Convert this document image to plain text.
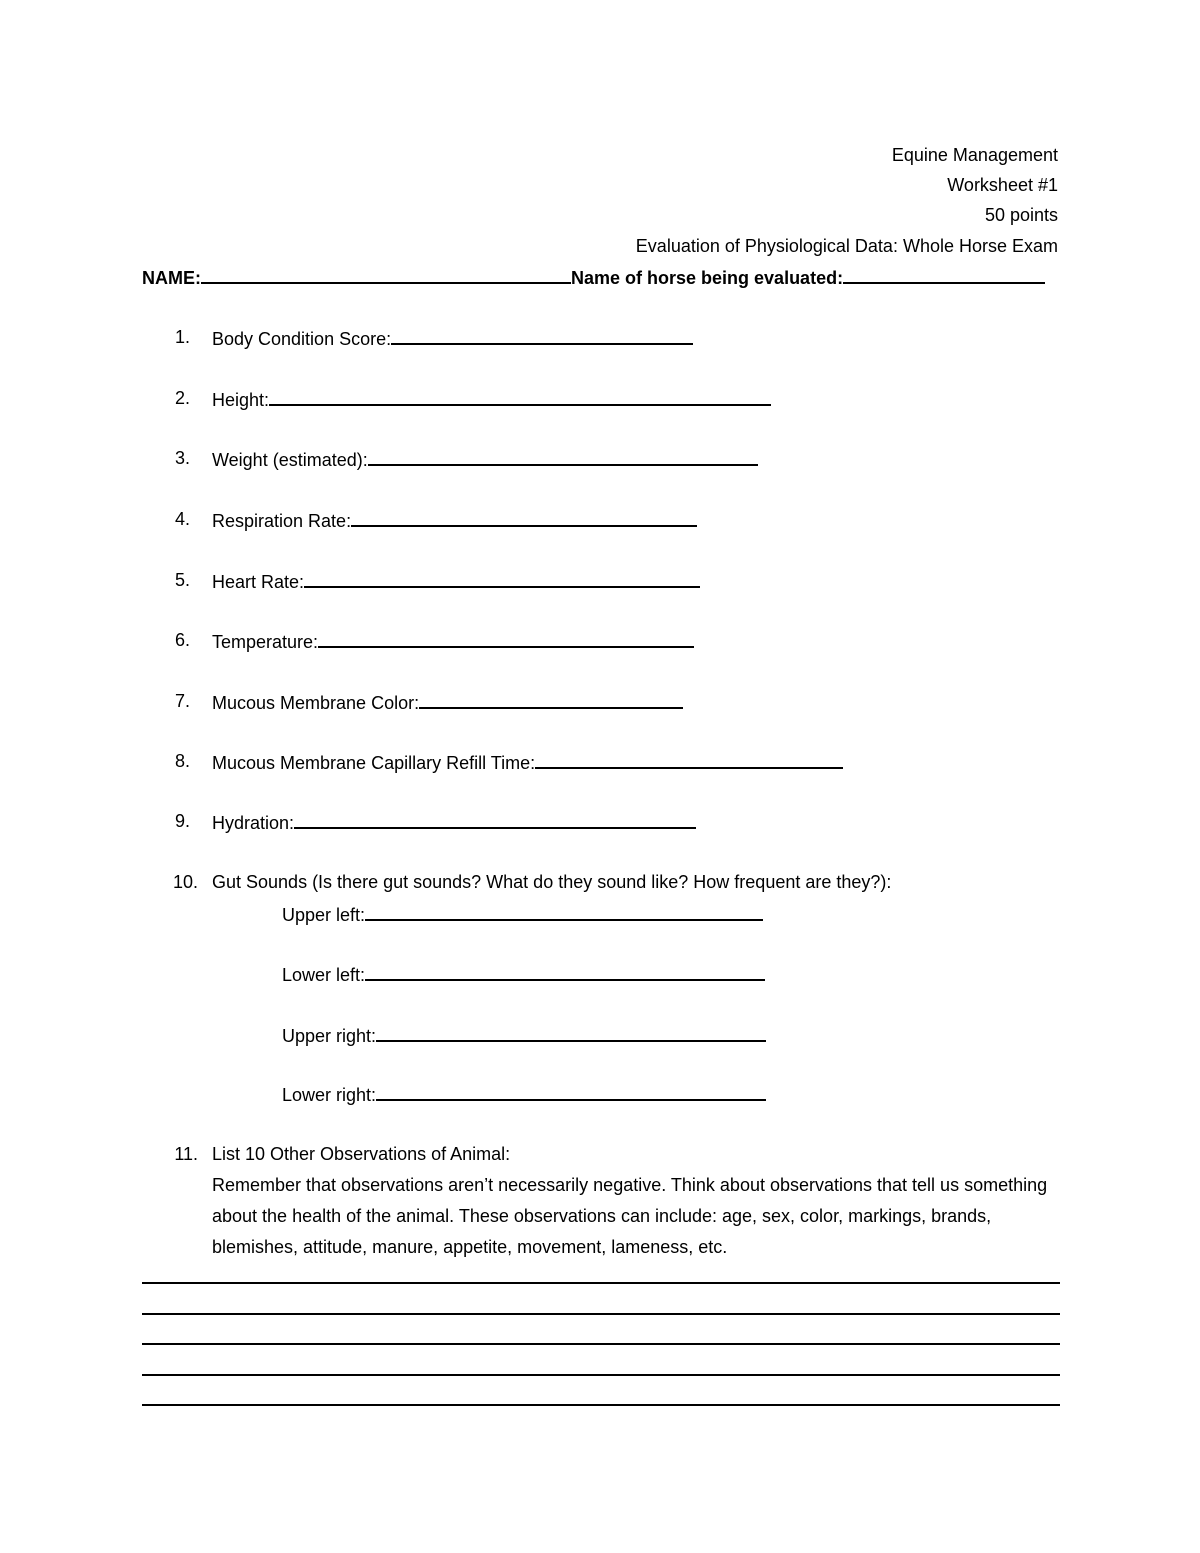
Equine Management
Worksheet #1
50 points
Evaluation of Physiological Data: Whole Horse Exam
NAME:	Name of horse being evaluated:
1. Body Condition Score:
2. Height:
3. Weight (estimated):
4. Respiration Rate:
5. Heart Rate:
6. Temperature:
7. Mucous Membrane Color:
8. Mucous Membrane Capillary Refill Time:
9. Hydration:
10. Gut Sounds (Is there gut sounds? What do they sound like? How frequent are they?):
Upper left:
Lower left:
Upper right:
Lower right:
11. List 10 Other Observations of Animal:
Remember that observations aren’t necessarily negative. Think about observations that tell us something about the health of the animal. These observations can include: age, sex, color, markings, brands, blemishes, attitude, manure, appetite, movement, lameness, etc.
